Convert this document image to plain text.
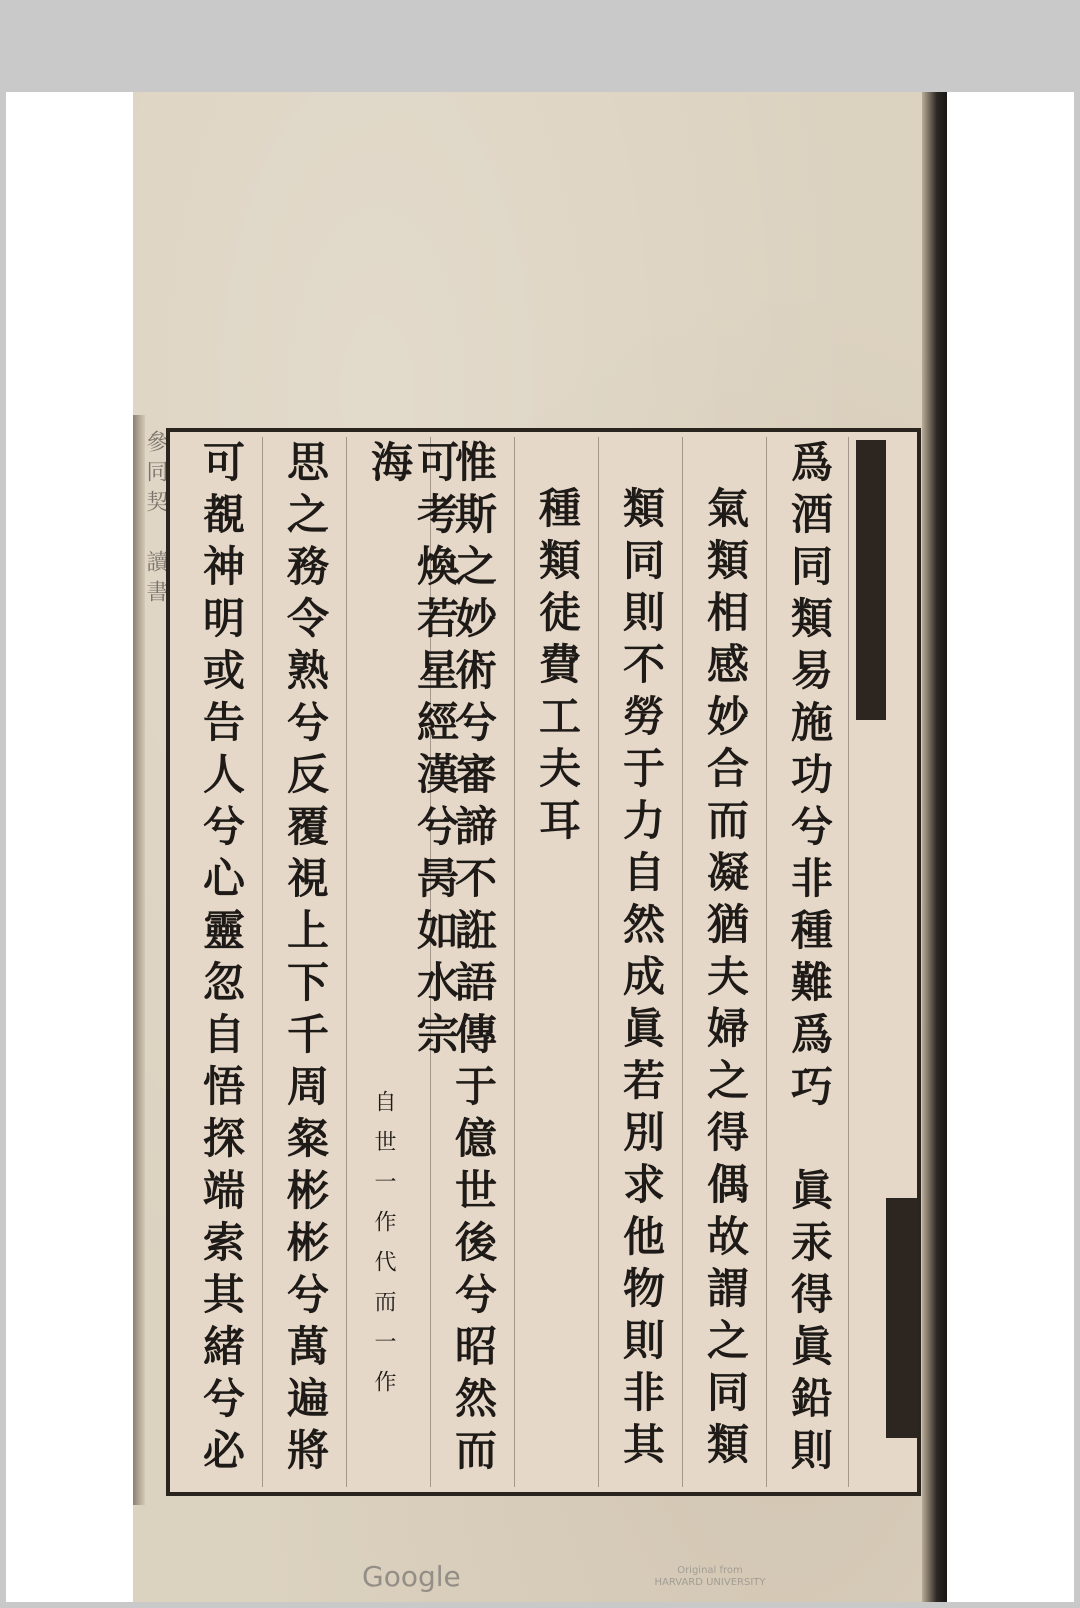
參同契　讀書　　	爲酒同類易施功兮非種難爲巧　眞汞得眞鉛則
氣類相感妙合而凝猶夫婦之得偶故謂之同類
類同則不勞于力自然成眞若別求他物則非其
種類徒費工夫耳
惟斯之妙術兮審諦不誑語傳于億世後兮昭然而
可考煥若星經漢兮昺如水宗海
自世一作代而一作
思之務令熟兮反覆視上下千周粲彬彬兮萬遍將
可覩神明或告人兮心靈忽自悟探端索其緒兮必
Google	Original from
HARVARD UNIVERSITY
